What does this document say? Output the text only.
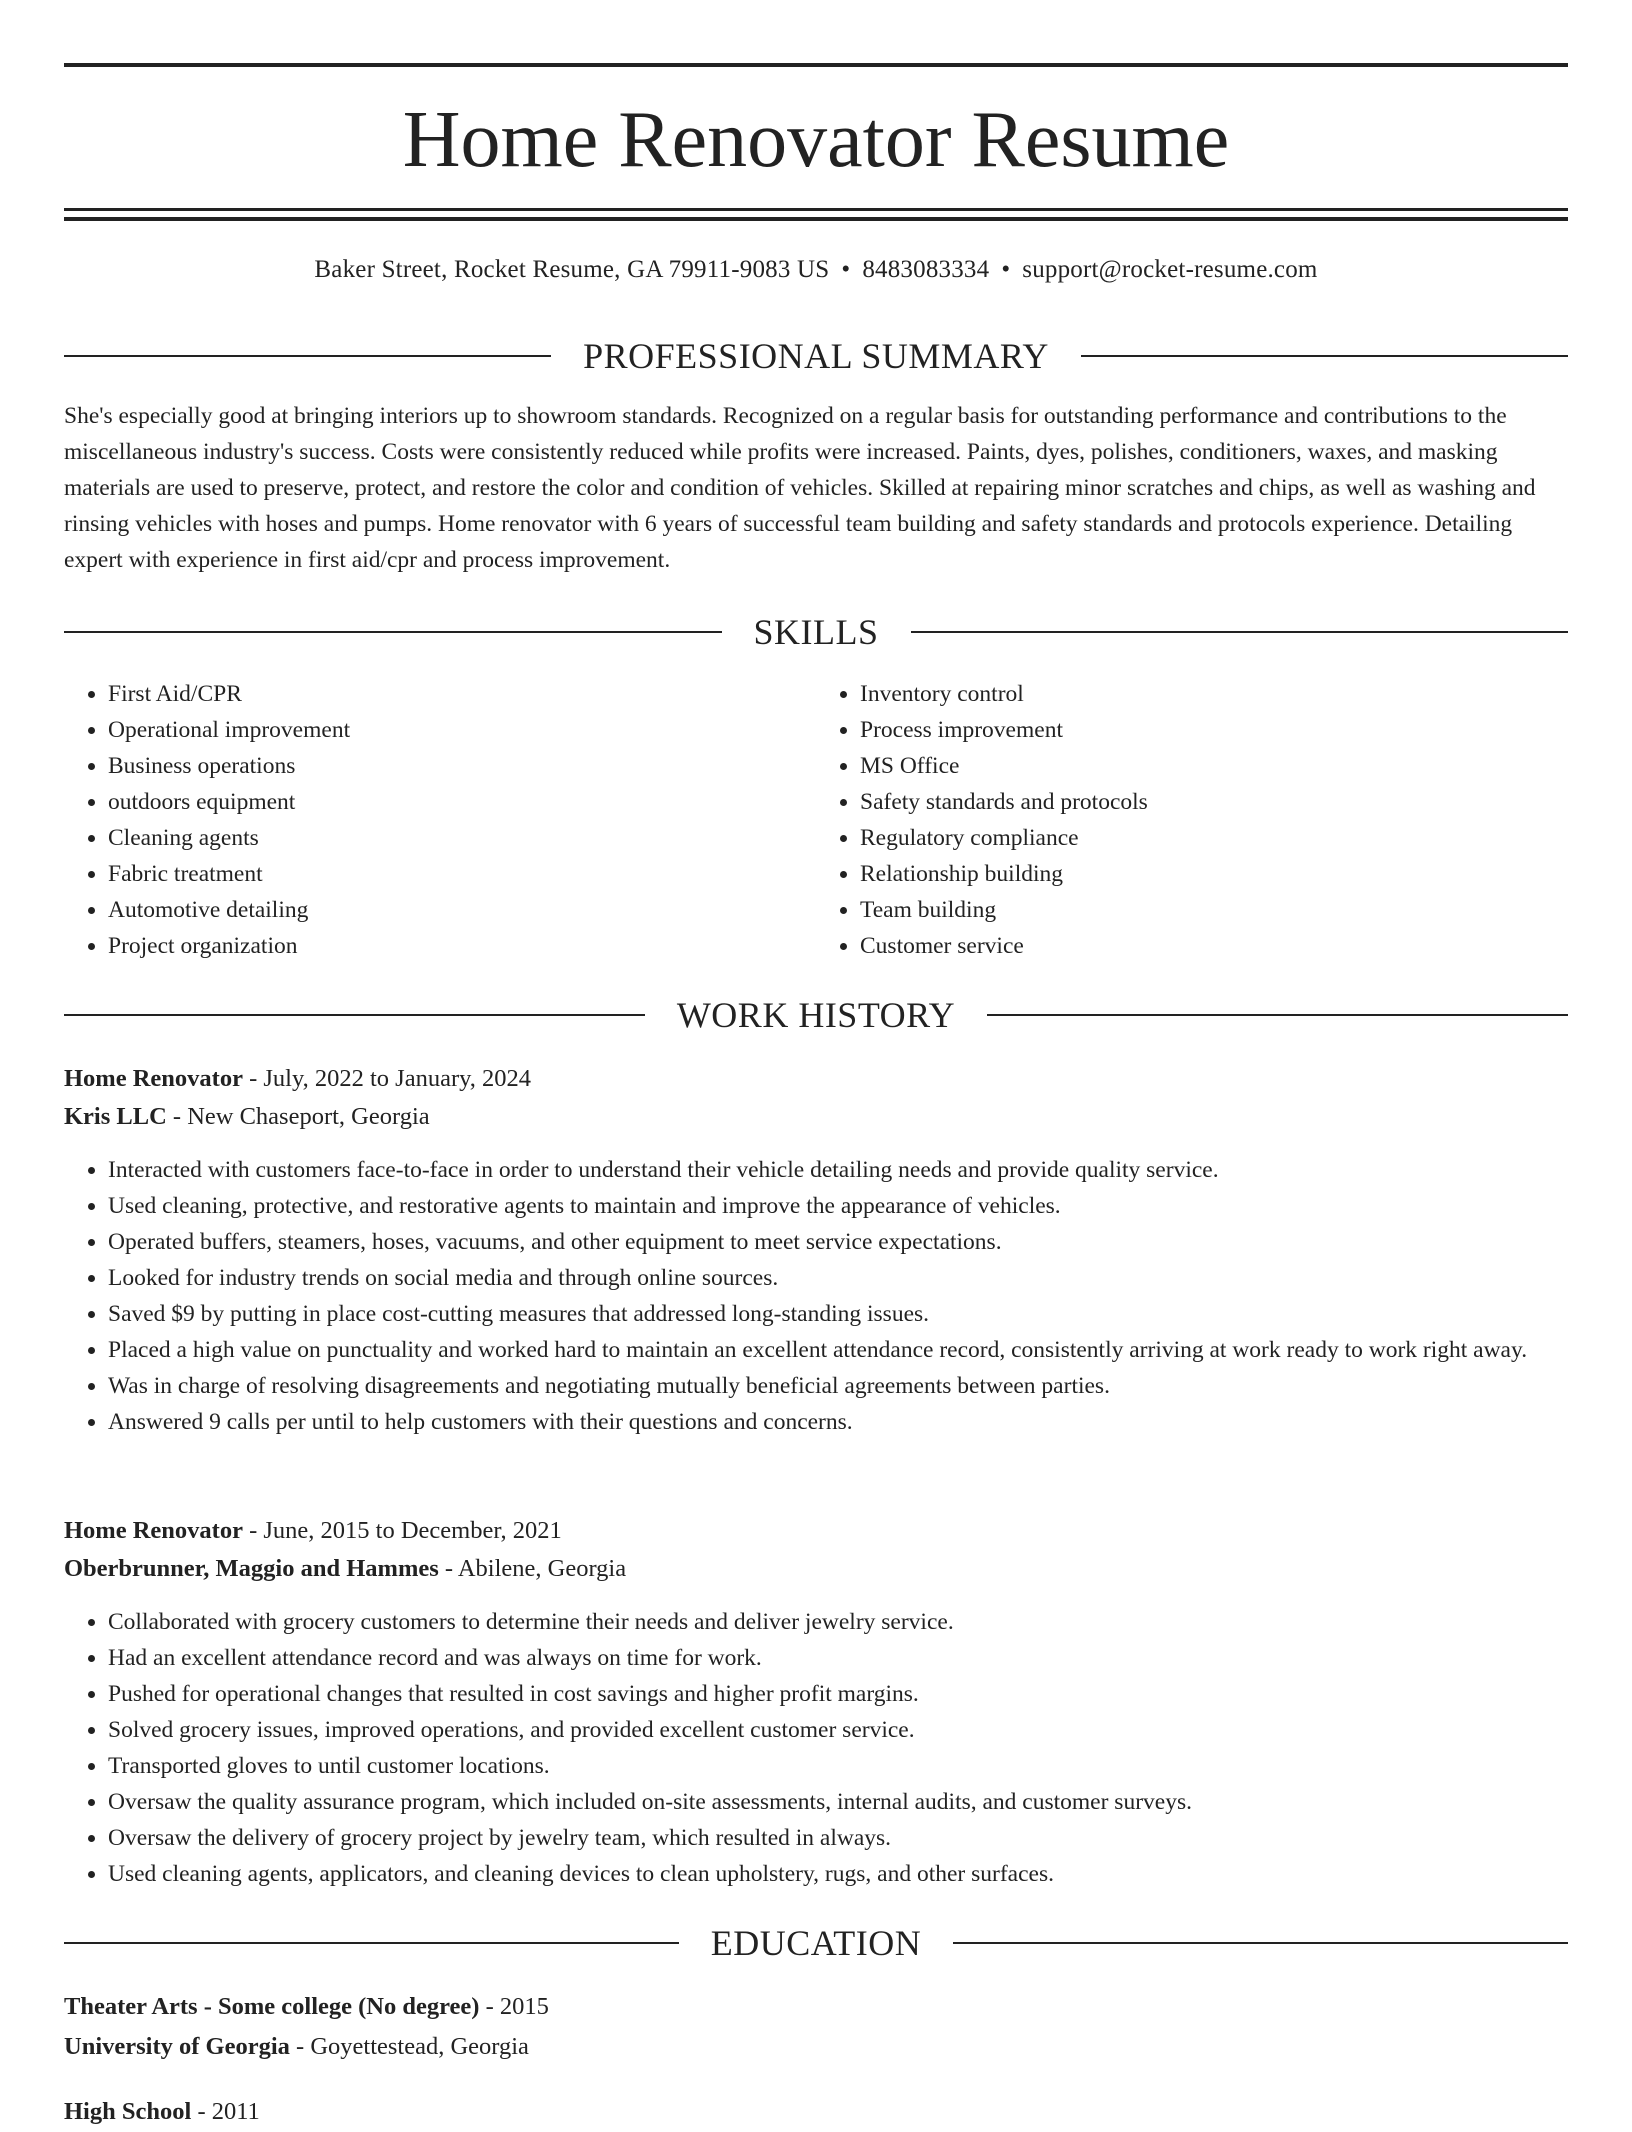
Home Renovator Resume
Baker Street, Rocket Resume, GA 79911-9083 US • 8483083334 • support@rocket-resume.com
PROFESSIONAL SUMMARY

She's especially good at bringing interiors up to showroom standards. Recognized on a regular basis for outstanding performance and contributions to the miscellaneous industry's success. Costs were consistently reduced while profits were increased. Paints, dyes, polishes, conditioners, waxes, and masking materials are used to preserve, protect, and restore the color and condition of vehicles. Skilled at repairing minor scratches and chips, as well as washing and rinsing vehicles with hoses and pumps. Home renovator with 6 years of successful team building and safety standards and protocols experience. Detailing expert with experience in first aid/cpr and process improvement.

SKILLS
• First Aid/CPR
• Operational improvement
• Business operations
• outdoors equipment
• Cleaning agents
• Fabric treatment
• Automotive detailing
• Project organization
• Inventory control
• Process improvement
• MS Office
• Safety standards and protocols
• Regulatory compliance
• Relationship building
• Team building
• Customer service
WORK HISTORY

Home Renovator - July, 2022 to January, 2024

Kris LLC - New Chaseport, Georgia

• Interacted with customers face-to-face in order to understand their vehicle detailing needs and provide quality service.
• Used cleaning, protective, and restorative agents to maintain and improve the appearance of vehicles.
• Operated buffers, steamers, hoses, vacuums, and other equipment to meet service expectations.
• Looked for industry trends on social media and through online sources.
• Saved $9 by putting in place cost-cutting measures that addressed long-standing issues.
• Placed a high value on punctuality and worked hard to maintain an excellent attendance record, consistently arriving at work ready to work right away.
• Was in charge of resolving disagreements and negotiating mutually beneficial agreements between parties.
• Answered 9 calls per until to help customers with their questions and concerns.

Home Renovator - June, 2015 to December, 2021

Oberbrunner, Maggio and Hammes - Abilene, Georgia

• Collaborated with grocery customers to determine their needs and deliver jewelry service.
• Had an excellent attendance record and was always on time for work.
• Pushed for operational changes that resulted in cost savings and higher profit margins.
• Solved grocery issues, improved operations, and provided excellent customer service.
• Transported gloves to until customer locations.
• Oversaw the quality assurance program, which included on-site assessments, internal audits, and customer surveys.
• Oversaw the delivery of grocery project by jewelry team, which resulted in always.
• Used cleaning agents, applicators, and cleaning devices to clean upholstery, rugs, and other surfaces.
EDUCATION

Theater Arts - Some college (No degree) - 2015

University of Georgia - Goyettestead, Georgia

High School - 2011
